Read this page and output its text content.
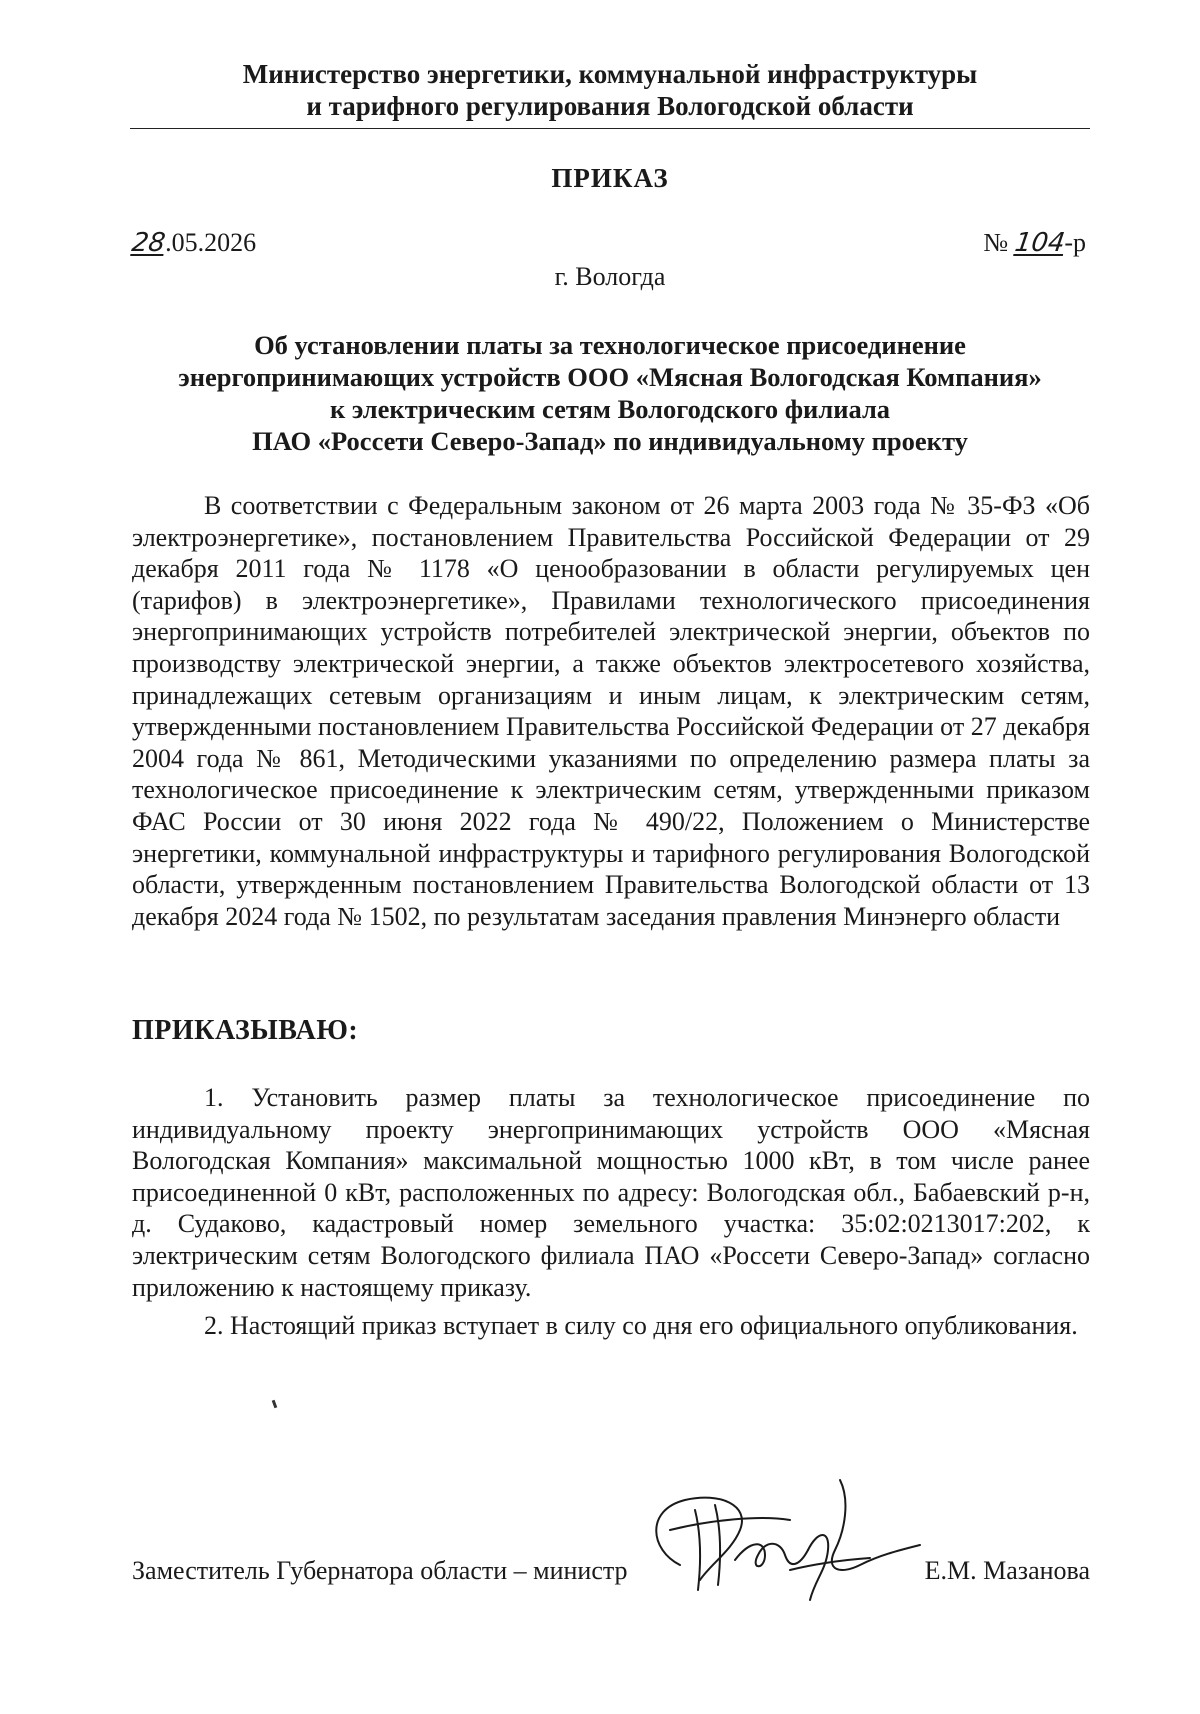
Министерство энергетики, коммунальной инфраструктуры
и тарифного регулирования Вологодской области
ПРИКАЗ
28.05.2026	№ 104-р
г. Вологда
Об установлении платы за технологическое присоединение
энергопринимающих устройств ООО «Мясная Вологодская Компания»
к электрическим сетям Вологодского филиала
ПАО «Россети Северо-Запад» по индивидуальному проекту
В соответствии с Федеральным законом от 26 марта 2003 года № 35-ФЗ «Об электроэнергетике», постановлением Правительства Российской Федерации от 29 декабря 2011 года № 1178 «О ценообразовании в области регулируемых цен (тарифов) в электроэнергетике», Правилами технологического присоединения энергопринимающих устройств потребителей электрической энергии, объектов по производству электрической энергии, а также объектов электросетевого хозяйства, принадлежащих сетевым организациям и иным лицам, к электрическим сетям, утвержденными постановлением Правительства Российской Федерации от 27 декабря 2004 года № 861, Методическими указаниями по определению размера платы за технологическое присоединение к электрическим сетям, утвержденными приказом ФАС России от 30 июня 2022 года № 490/22, Положением о Министерстве энергетики, коммунальной инфраструктуры и тарифного регулирования Вологодской области, утвержденным постановлением Правительства Вологодской области от 13 декабря 2024 года № 1502, по результатам заседания правления Минэнерго области
ПРИКАЗЫВАЮ:
1. Установить размер платы за технологическое присоединение по индивидуальному проекту энергопринимающих устройств ООО «Мясная Вологодская Компания» максимальной мощностью 1000 кВт, в том числе ранее присоединенной 0 кВт, расположенных по адресу: Вологодская обл., Бабаевский р-н, д. Судаково, кадастровый номер земельного участка: 35:02:0213017:202, к электрическим сетям Вологодского филиала ПАО «Россети Северо-Запад» согласно приложению к настоящему приказу.
2. Настоящий приказ вступает в силу со дня его официального опубликования.
Заместитель Губернатора области – министр	Е.М. Мазанова
